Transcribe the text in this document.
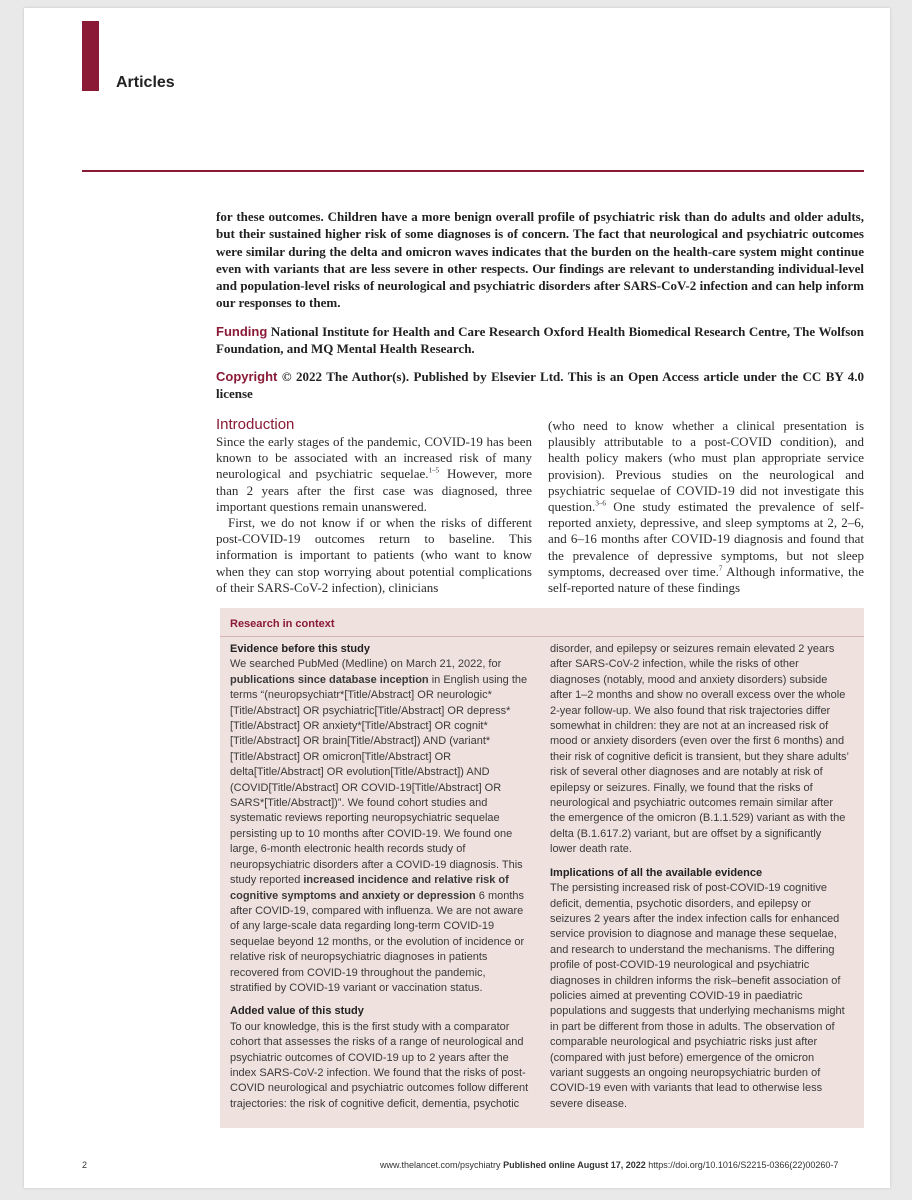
Articles
for these outcomes. Children have a more benign overall profile of psychiatric risk than do adults and older adults, but their sustained higher risk of some diagnoses is of concern. The fact that neurological and psychiatric outcomes were similar during the delta and omicron waves indicates that the burden on the health-care system might continue even with variants that are less severe in other respects. Our findings are relevant to understanding individual-level and population-level risks of neurological and psychiatric disorders after SARS-CoV-2 infection and can help inform our responses to them.
Funding National Institute for Health and Care Research Oxford Health Biomedical Research Centre, The Wolfson Foundation, and MQ Mental Health Research.
Copyright © 2022 The Author(s). Published by Elsevier Ltd. This is an Open Access article under the CC BY 4.0 license
Introduction

Since the early stages of the pandemic, COVID-19 has been known to be associated with an increased risk of many neurological and psychiatric sequelae.$^{1-5}$ However, more than 2 years after the first case was diagnosed, three important questions remain unanswered.

First, we do not know if or when the risks of different post-COVID-19 outcomes return to baseline. This information is important to patients (who want to know when they can stop worrying about potential complications of their SARS-CoV-2 infection), clinicians

(who need to know whether a clinical presentation is plausibly attributable to a post-COVID condition), and health policy makers (who must plan appropriate service provision). Previous studies on the neurological and psychiatric sequelae of COVID-19 did not investigate this question.$^{3-6}$ One study estimated the prevalence of self-reported anxiety, depressive, and sleep symptoms at 2, 2–6, and 6–16 months after COVID-19 diagnosis and found that the prevalence of depressive symptoms, but not sleep symptoms, decreased over time.$^7$ Although informative, the self-reported nature of these findings

Research in context
Evidence before this study

We searched PubMed (Medline) on March 21, 2022, for publications since database inception in English using the terms “(neuropsychiatr*[Title/Abstract] OR neurologic*[Title/Abstract] OR psychiatric[Title/Abstract] OR depress*[Title/Abstract] OR anxiety*[Title/Abstract] OR cognit*[Title/Abstract] OR brain[Title/Abstract]) AND (variant*[Title/Abstract] OR omicron[Title/Abstract] OR delta[Title/Abstract] OR evolution[Title/Abstract]) AND (COVID[Title/Abstract] OR COVID-19[Title/Abstract] OR SARS*[Title/Abstract])”. We found cohort studies and systematic reviews reporting neuropsychiatric sequelae persisting up to 10 months after COVID-19. We found one large, 6-month electronic health records study of neuropsychiatric disorders after a COVID-19 diagnosis. This study reported increased incidence and relative risk of cognitive symptoms and anxiety or depression 6 months after COVID-19, compared with influenza. We are not aware of any large-scale data regarding long-term COVID-19 sequelae beyond 12 months, or the evolution of incidence or relative risk of neuropsychiatric diagnoses in patients recovered from COVID-19 throughout the pandemic, stratified by COVID-19 variant or vaccination status.

Added value of this study

To our knowledge, this is the first study with a comparator cohort that assesses the risks of a range of neurological and psychiatric outcomes of COVID-19 up to 2 years after the index SARS-CoV-2 infection. We found that the risks of post-COVID neurological and psychiatric outcomes follow different trajectories: the risk of cognitive deficit, dementia, psychotic

disorder, and epilepsy or seizures remain elevated 2 years after SARS-CoV-2 infection, while the risks of other diagnoses (notably, mood and anxiety disorders) subside after 1–2 months and show no overall excess over the whole 2-year follow-up. We also found that risk trajectories differ somewhat in children: they are not at an increased risk of mood or anxiety disorders (even over the first 6 months) and their risk of cognitive deficit is transient, but they share adults’ risk of several other diagnoses and are notably at risk of epilepsy or seizures. Finally, we found that the risks of neurological and psychiatric outcomes remain similar after the emergence of the omicron (B.1.1.529) variant as with the delta (B.1.617.2) variant, but are offset by a significantly lower death rate.

Implications of all the available evidence

The persisting increased risk of post-COVID-19 cognitive deficit, dementia, psychotic disorders, and epilepsy or seizures 2 years after the index infection calls for enhanced service provision to diagnose and manage these sequelae, and research to understand the mechanisms. The differing profile of post-COVID-19 neurological and psychiatric diagnoses in children informs the risk–benefit association of policies aimed at preventing COVID-19 in paediatric populations and suggests that underlying mechanisms might in part be different from those in adults. The observation of comparable neurological and psychiatric risks just after (compared with just before) emergence of the omicron variant suggests an ongoing neuropsychiatric burden of COVID-19 even with variants that lead to otherwise less severe disease.

2	www.thelancet.com/psychiatry Published online August 17, 2022 https://doi.org/10.1016/S2215-0366(22)00260-7
